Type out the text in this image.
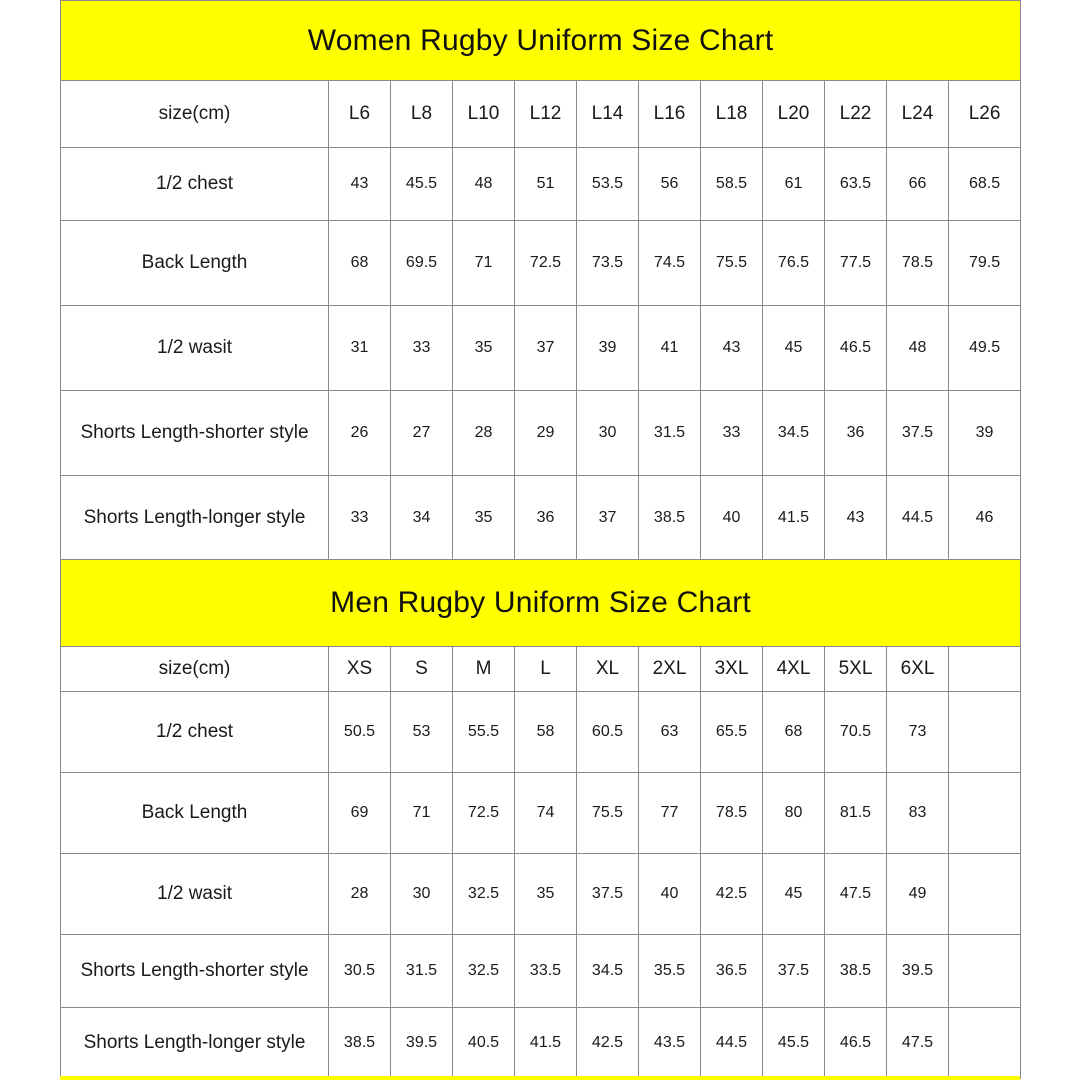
Women Rugby Uniform Size Chart											
size(cm)	L6	L8	L10	L12	L14	L16	L18	L20	L22	L24	L26
1/2 chest	43	45.5	48	51	53.5	56	58.5	61	63.5	66	68.5
Back Length	68	69.5	71	72.5	73.5	74.5	75.5	76.5	77.5	78.5	79.5
1/2 wasit	31	33	35	37	39	41	43	45	46.5	48	49.5
Shorts Length-shorter style	26	27	28	29	30	31.5	33	34.5	36	37.5	39
Shorts Length-longer style	33	34	35	36	37	38.5	40	41.5	43	44.5	46
Men Rugby Uniform Size Chart											
size(cm)	XS	S	M	L	XL	2XL	3XL	4XL	5XL	6XL	
1/2 chest	50.5	53	55.5	58	60.5	63	65.5	68	70.5	73	
Back Length	69	71	72.5	74	75.5	77	78.5	80	81.5	83	
1/2 wasit	28	30	32.5	35	37.5	40	42.5	45	47.5	49	
Shorts Length-shorter style	30.5	31.5	32.5	33.5	34.5	35.5	36.5	37.5	38.5	39.5	
Shorts Length-longer style	38.5	39.5	40.5	41.5	42.5	43.5	44.5	45.5	46.5	47.5	
